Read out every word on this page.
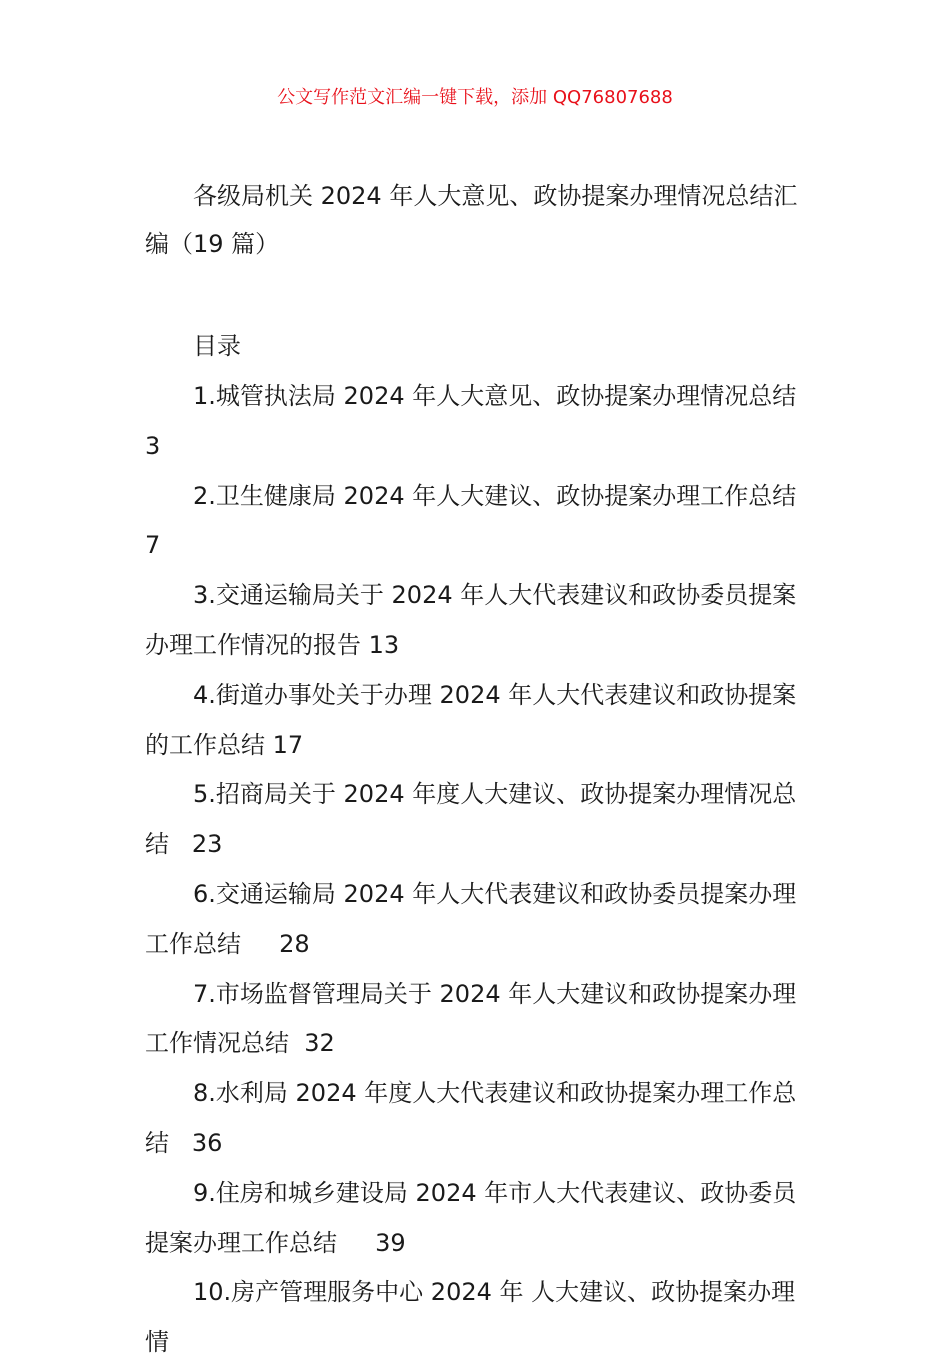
公文写作范文汇编一键下载，添加 QQ76807688
各级局机关 2024 年人大意见、政协提案办理情况总结汇编（19 篇）
目录
1.城管执法局 2024 年人大意见、政协提案办理情况总结3
2.卫生健康局 2024 年人大建议、政协提案办理工作总结7
3.交通运输局关于 2024 年人大代表建议和政协委员提案办理工作情况的报告 13
4.街道办事处关于办理 2024 年人大代表建议和政协提案的工作总结 17
5.招商局关于 2024 年度人大建议、政协提案办理情况总结   23
6.交通运输局 2024 年人大代表建议和政协委员提案办理工作总结     28
7.市场监督管理局关于 2024 年人大建议和政协提案办理工作情况总结  32
8.水利局 2024 年度人大代表建议和政协提案办理工作总结   36
9.住房和城乡建设局 2024 年市人大代表建议、政协委员提案办理工作总结     39
10.房产管理服务中心 2024 年 人大建议、政协提案办理情
